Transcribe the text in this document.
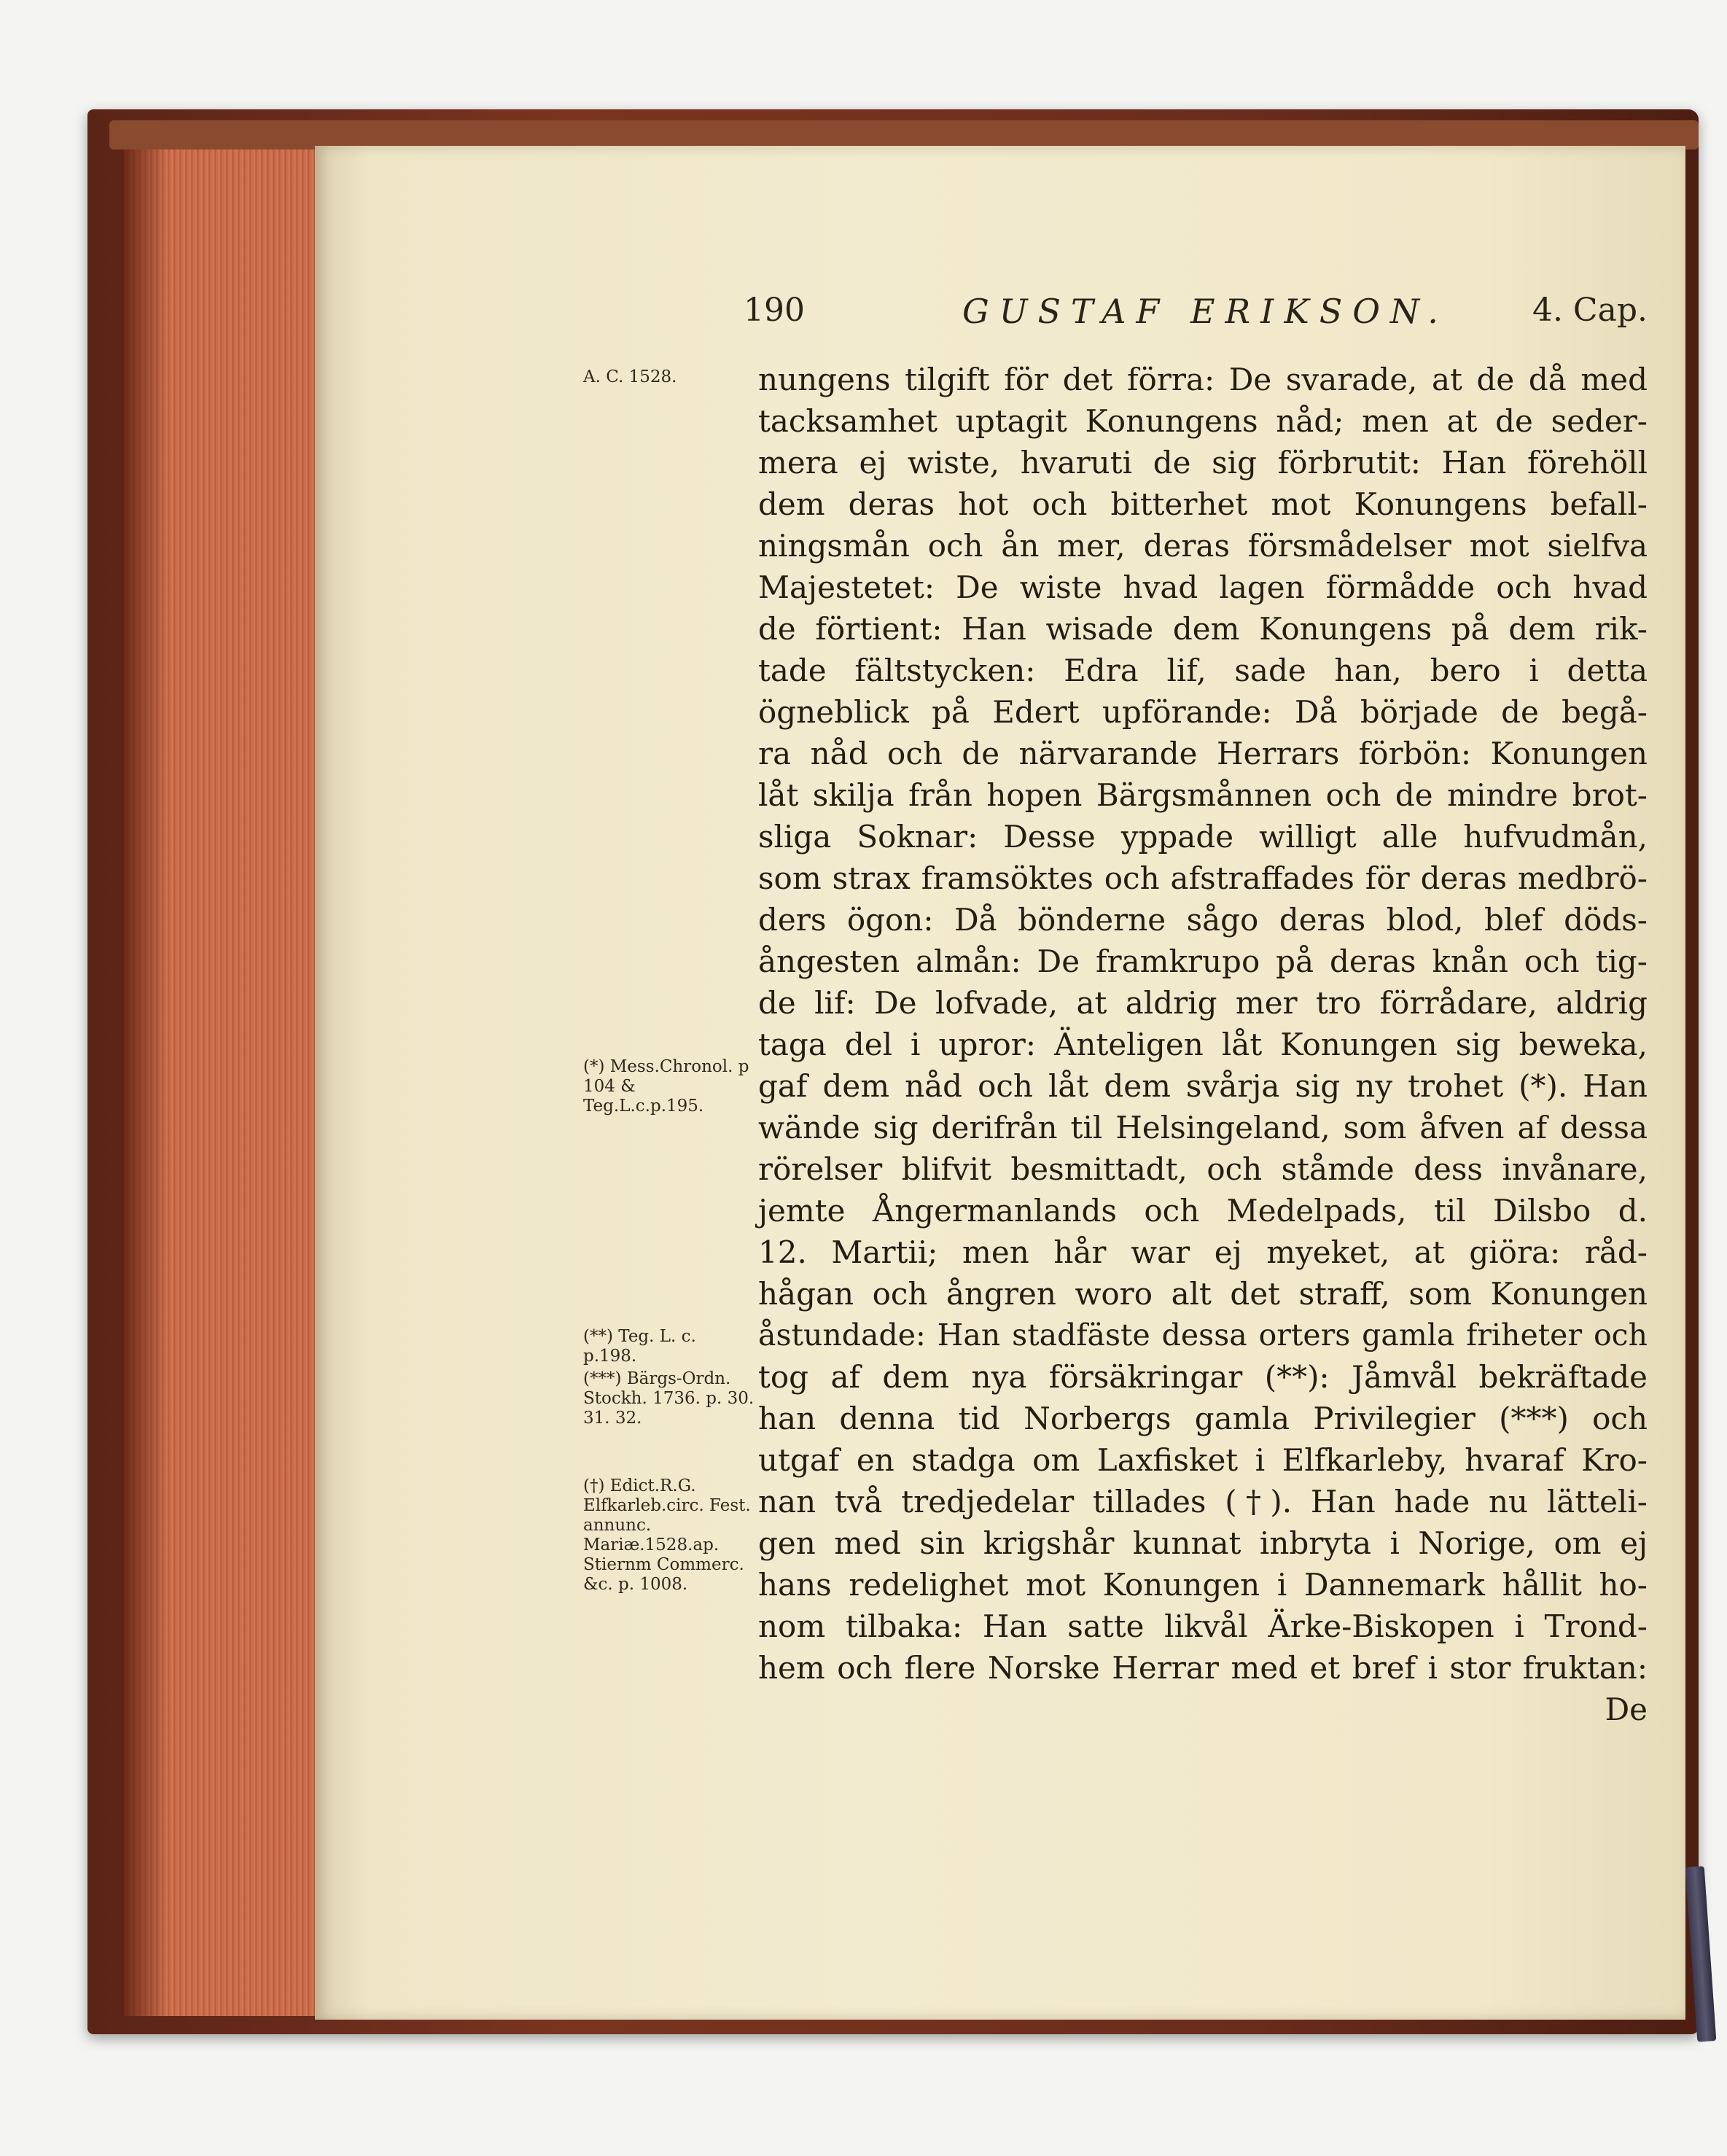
190	GUSTAF ERIKSON.	4. Cap.
A. C. 1528.
(*) Mess.Chronol. p 104 & Teg.L.c.p.195.
(**) Teg. L. c. p.198.
(***) Bärgs-Ordn. Stockh. 1736. p. 30. 31. 32.
(†) Edict.R.G. Elfkarleb.circ. Fest. annunc. Mariæ.1528.ap. Stiernm Commerc. &c. p. 1008.
nungens tilgift för det förra: De svarade, at de då med
tacksamhet uptagit Konungens nåd; men at de seder-
mera ej wiste, hvaruti de sig förbrutit: Han förehöll
dem deras hot och bitterhet mot Konungens befall-
ningsmån och ån mer, deras försmådelser mot sielfva
Majestetet: De wiste hvad lagen förmådde och hvad
de förtient: Han wisade dem Konungens på dem rik-
tade fältstycken: Edra lif, sade han, bero i detta
ögneblick på Edert upförande: Då började de begå-
ra nåd och de närvarande Herrars förbön: Konungen
låt skilja från hopen Bärgsmånnen och de mindre brot-
sliga Soknar: Desse yppade willigt alle hufvudmån,
som strax framsöktes och afstraffades för deras medbrö-
ders ögon: Då bönderne sågo deras blod, blef döds-
ångesten almån: De framkrupo på deras knån och tig-
de lif: De lofvade, at aldrig mer tro förrådare, aldrig
taga del i upror: Änteligen låt Konungen sig beweka,
gaf dem nåd och låt dem svårja sig ny trohet (*). Han
wände sig derifrån til Helsingeland, som åfven af dessa
rörelser blifvit besmittadt, och ståmde dess invånare,
jemte Ångermanlands och Medelpads, til Dilsbo d.
12. Martii; men hår war ej myeket, at giöra: råd-
hågan och ångren woro alt det straff, som Konungen
åstundade: Han stadfäste dessa orters gamla friheter och
tog af dem nya försäkringar (**): Jåmvål bekräftade
han denna tid Norbergs gamla Privilegier (***) och
utgaf en stadga om Laxfisket i Elfkarleby, hvaraf Kro-
nan två tredjedelar tillades (†). Han hade nu lätteli-
gen med sin krigshår kunnat inbryta i Norige, om ej
hans redelighet mot Konungen i Dannemark hållit ho-
nom tilbaka: Han satte likvål Ärke-Biskopen i Trond-
hem och flere Norske Herrar med et bref i stor fruktan:
De
